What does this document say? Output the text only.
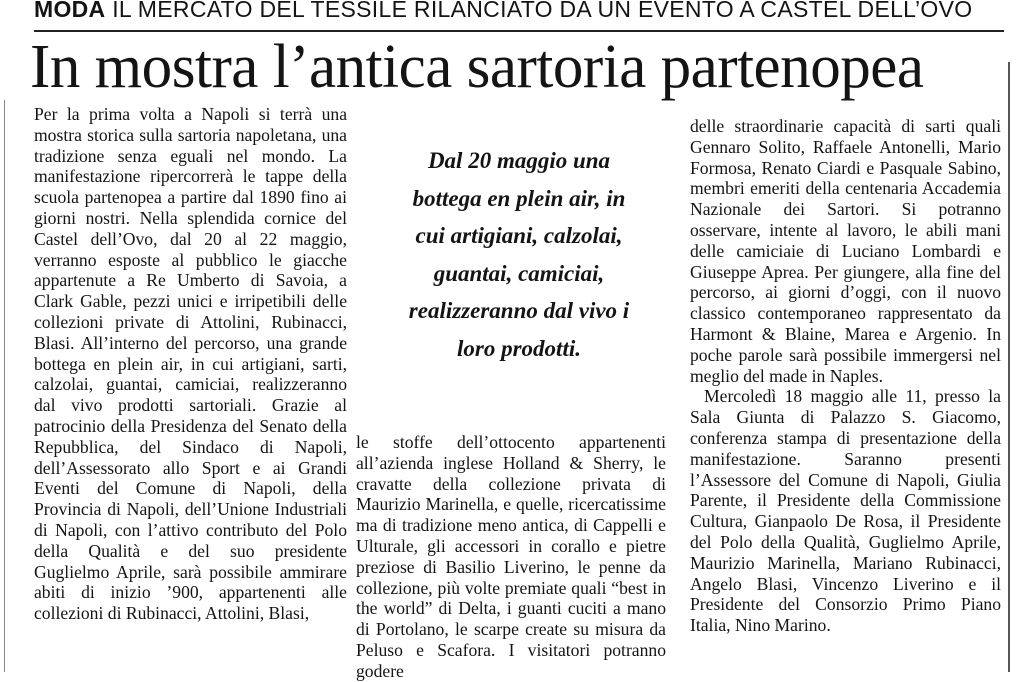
MODA IL MERCATO DEL TESSILE RILANCIATO DA UN EVENTO A CASTEL DELL’OVO
In mostra l’antica sartoria partenopea

Per la prima volta a Napoli si terrà una mostra storica sulla sartoria napoletana, una tradizione senza eguali nel mondo. La manifestazione ripercorrerà le tappe della scuola partenopea a partire dal 1890 fino ai giorni nostri. Nella splendida cornice del Castel dell’Ovo, dal 20 al 22 maggio, verranno esposte al pubblico le giacche appartenute a Re Umberto di Savoia, a Clark Gable, pezzi unici e irripetibili delle collezioni private di Attolini, Rubinacci, Blasi. All’interno del percorso, una grande bottega en plein air, in cui artigiani, sarti, calzolai, guantai, camiciai, realizzeranno dal vivo prodotti sartoriali. Grazie al patrocinio della Presidenza del Senato della Repubblica, del Sindaco di Napoli, dell’Assessorato allo Sport e ai Grandi Eventi del Comune di Napoli, della Provincia di Napoli, dell’Unione Industriali di Napoli, con l’attivo contributo del Polo della Qualità e del suo presidente Guglielmo Aprile, sarà possibile ammirare abiti di inizio ’900, appartenenti alle collezioni di Rubinacci, Attolini, Blasi,

Dal 20 maggio una
bottega en plein air, in
cui artigiani, calzolai,
guantai, camiciai,
realizzeranno dal vivo i
loro prodotti.

le stoffe dell’ottocento appartenenti all’azienda inglese Holland & Sherry, le cravatte della collezione privata di Maurizio Marinella, e quelle, ricercatissime ma di tradizione meno antica, di Cappelli e Ulturale, gli accessori in corallo e pietre preziose di Basilio Liverino, le penne da collezione, più volte premiate quali “best in the world” di Delta, i guanti cuciti a mano di Portolano, le scarpe create su misura da Peluso e Scafora. I visitatori potranno godere

delle straordinarie capacità di sarti quali Gennaro Solito, Raffaele Antonelli, Mario Formosa, Renato Ciardi e Pasquale Sabino, membri emeriti della centenaria Accademia Nazionale dei Sartori. Si potranno osservare, intente al lavoro, le abili mani delle camiciaie di Luciano Lombardi e Giuseppe Aprea. Per giungere, alla fine del percorso, ai giorni d’oggi, con il nuovo classico contemporaneo rappresentato da Harmont & Blaine, Marea e Argenio. In poche parole sarà possibile immergersi nel meglio del made in Naples.

Mercoledì 18 maggio alle 11, presso la Sala Giunta di Palazzo S. Giacomo, conferenza stampa di presentazione della manifestazione. Saranno presenti l’Assessore del Comune di Napoli, Giulia Parente, il Presidente della Commissione Cultura, Gianpaolo De Rosa, il Presidente del Polo della Qualità, Guglielmo Aprile, Maurizio Marinella, Mariano Rubinacci, Angelo Blasi, Vincenzo Liverino e il Presidente del Consorzio Primo Piano Italia, Nino Marino.
